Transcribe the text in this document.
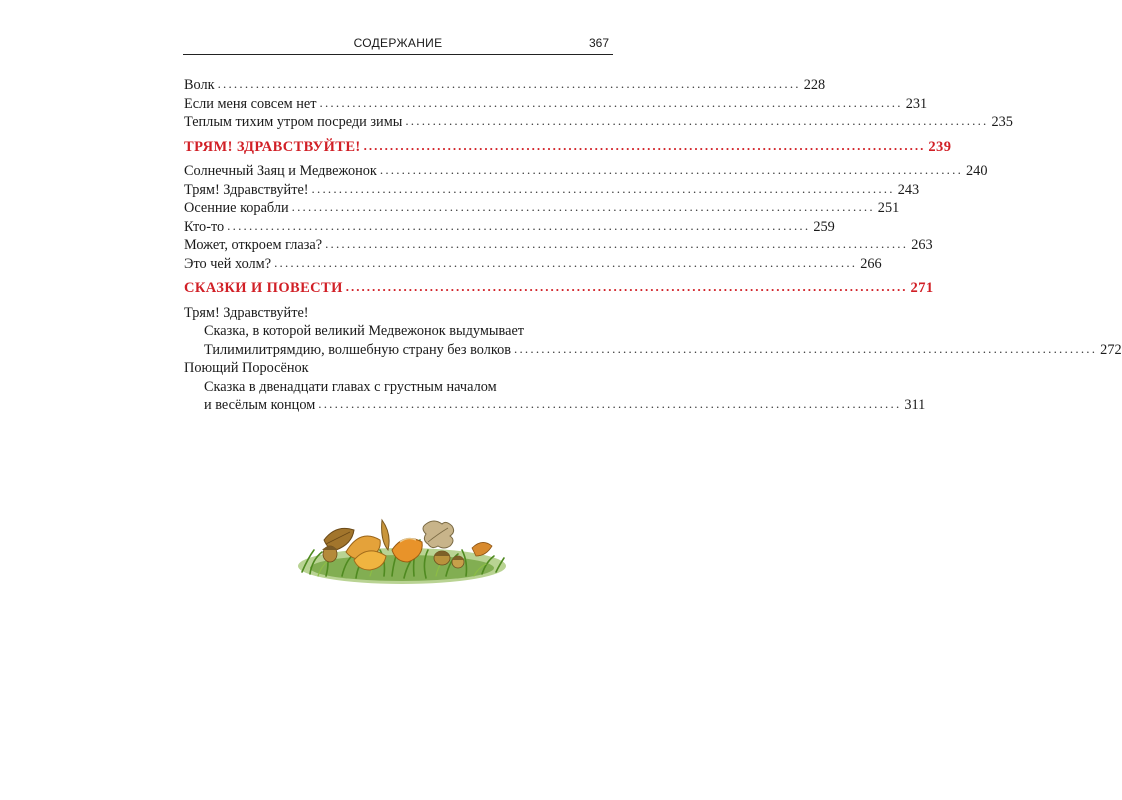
СОДЕРЖАНИЕ	367
Волк ........................................................................................................... 228
Если меня совсем нет ........................................................................................................... 231
Теплым тихим утром посреди зимы ........................................................................................................... 235
ТРЯМ! ЗДРАВСТВУЙТЕ! ........................................................................................................... 239
Солнечный Заяц и Медвежонок ........................................................................................................... 240
Трям! Здравствуйте! ........................................................................................................... 243
Осенние корабли ........................................................................................................... 251
Кто-то ........................................................................................................... 259
Может, откроем глаза? ........................................................................................................... 263
Это чей холм? ........................................................................................................... 266
СКАЗКИ И ПОВЕСТИ ........................................................................................................... 271
Трям! Здравствуйте!
Сказка, в которой великий Медвежонок выдумывает
Тилимилитрямдию, волшебную страну без волков ........................................................................................................... 272
Поющий Поросёнок
Сказка в двенадцати главах с грустным началом
и весёлым концом ........................................................................................................... 311
